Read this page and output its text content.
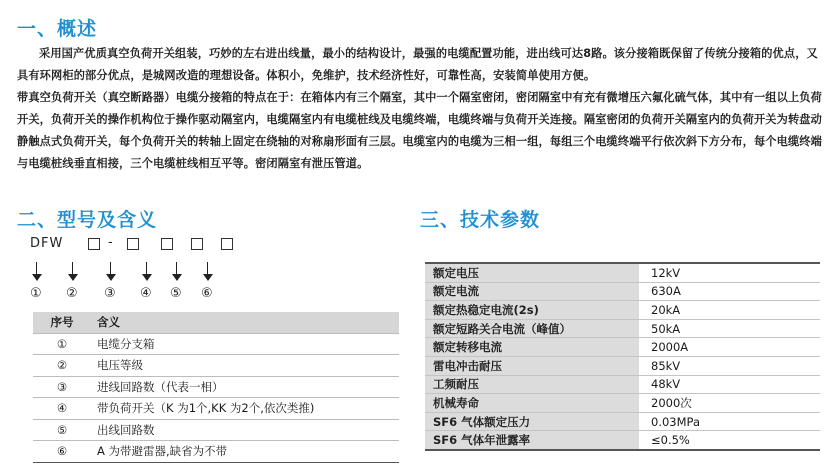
一、概述

采用国产优质真空负荷开关组装，巧妙的左右进出线量，最小的结构设计，最强的电缆配置功能，进出线可达8路。该分接箱既保留了传统分接箱的优点，又具有环网柜的部分优点，是城网改造的理想设备。体积小，免维护，技术经济性好，可靠性高，安装简单使用方便。

带真空负荷开关（真空断路器）电缆分接箱的特点在于：在箱体内有三个隔室，其中一个隔室密闭，密闭隔室中有充有微增压六氟化硫气体，其中有一组以上负荷开关，负荷开关的操作机构位于操作驱动隔室内，电缆隔室内有电缆桩线及电缆终端，电缆终端与负荷开关连接。隔室密闭的负荷开关隔室内的负荷开关为转盘动静触点式负荷开关，每个负荷开关的转轴上固定在绕轴的对称扇形面有三层。电缆室内的电缆为三相一组，每组三个电缆终端平行依次斜下方分布，每个电缆终端与电缆桩线垂直相接，三个电缆桩线相互平等。密闭隔室有泄压管道。

二、型号及含义	三、技术参数
DFW	-
① ② ③ ④ ⑤ ⑥
序号	含义
①	电缆分支箱
②	电压等级
③	进线回路数（代表一相）
④	带负荷开关（K 为1个,KK 为2个,依次类推)
⑤	出线回路数
⑥	A 为带避雷器,缺省为不带
额定电压	12kV
额定电流	630A
额定热稳定电流(2s)	20kA
额定短路关合电流（峰值）	50kA
额定转移电流	2000A
雷电冲击耐压	85kV
工频耐压	48kV
机械寿命	2000次
SF6 气体额定压力	0.03MPa
SF6 气体年泄露率	≤0.5%
